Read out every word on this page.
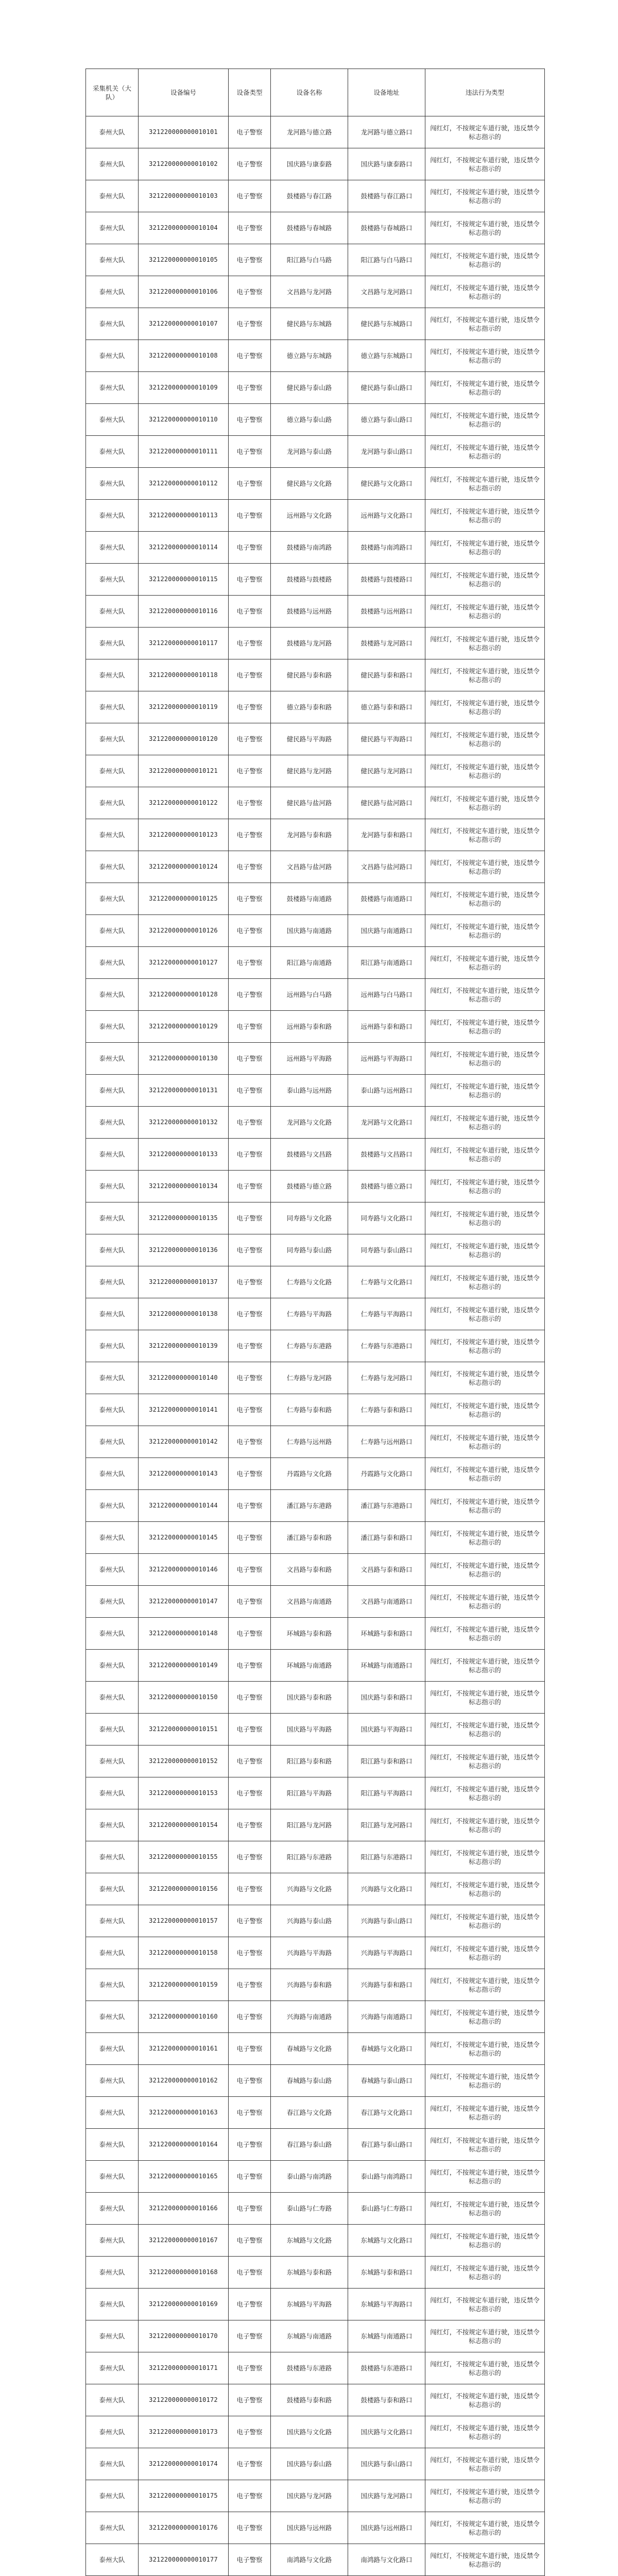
采集机关（大队）	设备编号	设备类型	设备名称	设备地址	违法行为类型
泰州大队	321220000000010101	电子警察	龙河路与德立路	龙河路与德立路口	闯红灯，不按规定车道行驶，违反禁令标志指示的
泰州大队	321220000000010102	电子警察	国庆路与康泰路	国庆路与康泰路口	闯红灯，不按规定车道行驶，违反禁令标志指示的
泰州大队	321220000000010103	电子警察	鼓楼路与春江路	鼓楼路与春江路口	闯红灯，不按规定车道行驶，违反禁令标志指示的
泰州大队	321220000000010104	电子警察	鼓楼路与春城路	鼓楼路与春城路口	闯红灯，不按规定车道行驶，违反禁令标志指示的
泰州大队	321220000000010105	电子警察	阳江路与白马路	阳江路与白马路口	闯红灯，不按规定车道行驶，违反禁令标志指示的
泰州大队	321220000000010106	电子警察	文昌路与龙河路	文昌路与龙河路口	闯红灯，不按规定车道行驶，违反禁令标志指示的
泰州大队	321220000000010107	电子警察	健民路与东城路	健民路与东城路口	闯红灯，不按规定车道行驶，违反禁令标志指示的
泰州大队	321220000000010108	电子警察	德立路与东城路	德立路与东城路口	闯红灯，不按规定车道行驶，违反禁令标志指示的
泰州大队	321220000000010109	电子警察	健民路与泰山路	健民路与泰山路口	闯红灯，不按规定车道行驶，违反禁令标志指示的
泰州大队	321220000000010110	电子警察	德立路与泰山路	德立路与泰山路口	闯红灯，不按规定车道行驶，违反禁令标志指示的
泰州大队	321220000000010111	电子警察	龙河路与泰山路	龙河路与泰山路口	闯红灯，不按规定车道行驶，违反禁令标志指示的
泰州大队	321220000000010112	电子警察	健民路与文化路	健民路与文化路口	闯红灯，不按规定车道行驶，违反禁令标志指示的
泰州大队	321220000000010113	电子警察	远州路与文化路	远州路与文化路口	闯红灯，不按规定车道行驶，违反禁令标志指示的
泰州大队	321220000000010114	电子警察	鼓楼路与南鸿路	鼓楼路与南鸿路口	闯红灯，不按规定车道行驶，违反禁令标志指示的
泰州大队	321220000000010115	电子警察	鼓楼路与鼓楼路	鼓楼路与鼓楼路口	闯红灯，不按规定车道行驶，违反禁令标志指示的
泰州大队	321220000000010116	电子警察	鼓楼路与远州路	鼓楼路与远州路口	闯红灯，不按规定车道行驶，违反禁令标志指示的
泰州大队	321220000000010117	电子警察	鼓楼路与龙河路	鼓楼路与龙河路口	闯红灯，不按规定车道行驶，违反禁令标志指示的
泰州大队	321220000000010118	电子警察	健民路与泰和路	健民路与泰和路口	闯红灯，不按规定车道行驶，违反禁令标志指示的
泰州大队	321220000000010119	电子警察	德立路与泰和路	德立路与泰和路口	闯红灯，不按规定车道行驶，违反禁令标志指示的
泰州大队	321220000000010120	电子警察	健民路与平海路	健民路与平海路口	闯红灯，不按规定车道行驶，违反禁令标志指示的
泰州大队	321220000000010121	电子警察	健民路与龙河路	健民路与龙河路口	闯红灯，不按规定车道行驶，违反禁令标志指示的
泰州大队	321220000000010122	电子警察	健民路与盐河路	健民路与盐河路口	闯红灯，不按规定车道行驶，违反禁令标志指示的
泰州大队	321220000000010123	电子警察	龙河路与泰和路	龙河路与泰和路口	闯红灯，不按规定车道行驶，违反禁令标志指示的
泰州大队	321220000000010124	电子警察	文昌路与盐河路	文昌路与盐河路口	闯红灯，不按规定车道行驶，违反禁令标志指示的
泰州大队	321220000000010125	电子警察	鼓楼路与南通路	鼓楼路与南通路口	闯红灯，不按规定车道行驶，违反禁令标志指示的
泰州大队	321220000000010126	电子警察	国庆路与南通路	国庆路与南通路口	闯红灯，不按规定车道行驶，违反禁令标志指示的
泰州大队	321220000000010127	电子警察	阳江路与南通路	阳江路与南通路口	闯红灯，不按规定车道行驶，违反禁令标志指示的
泰州大队	321220000000010128	电子警察	远州路与白马路	远州路与白马路口	闯红灯，不按规定车道行驶，违反禁令标志指示的
泰州大队	321220000000010129	电子警察	远州路与泰和路	远州路与泰和路口	闯红灯，不按规定车道行驶，违反禁令标志指示的
泰州大队	321220000000010130	电子警察	远州路与平海路	远州路与平海路口	闯红灯，不按规定车道行驶，违反禁令标志指示的
泰州大队	321220000000010131	电子警察	泰山路与远州路	泰山路与远州路口	闯红灯，不按规定车道行驶，违反禁令标志指示的
泰州大队	321220000000010132	电子警察	龙河路与文化路	龙河路与文化路口	闯红灯，不按规定车道行驶，违反禁令标志指示的
泰州大队	321220000000010133	电子警察	鼓楼路与文昌路	鼓楼路与文昌路口	闯红灯，不按规定车道行驶，违反禁令标志指示的
泰州大队	321220000000010134	电子警察	鼓楼路与德立路	鼓楼路与德立路口	闯红灯，不按规定车道行驶，违反禁令标志指示的
泰州大队	321220000000010135	电子警察	同寿路与文化路	同寿路与文化路口	闯红灯，不按规定车道行驶，违反禁令标志指示的
泰州大队	321220000000010136	电子警察	同寿路与泰山路	同寿路与泰山路口	闯红灯，不按规定车道行驶，违反禁令标志指示的
泰州大队	321220000000010137	电子警察	仁寿路与文化路	仁寿路与文化路口	闯红灯，不按规定车道行驶，违反禁令标志指示的
泰州大队	321220000000010138	电子警察	仁寿路与平海路	仁寿路与平海路口	闯红灯，不按规定车道行驶，违反禁令标志指示的
泰州大队	321220000000010139	电子警察	仁寿路与东港路	仁寿路与东港路口	闯红灯，不按规定车道行驶，违反禁令标志指示的
泰州大队	321220000000010140	电子警察	仁寿路与龙河路	仁寿路与龙河路口	闯红灯，不按规定车道行驶，违反禁令标志指示的
泰州大队	321220000000010141	电子警察	仁寿路与泰和路	仁寿路与泰和路口	闯红灯，不按规定车道行驶，违反禁令标志指示的
泰州大队	321220000000010142	电子警察	仁寿路与远州路	仁寿路与远州路口	闯红灯，不按规定车道行驶，违反禁令标志指示的
泰州大队	321220000000010143	电子警察	丹霞路与文化路	丹霞路与文化路口	闯红灯，不按规定车道行驶，违反禁令标志指示的
泰州大队	321220000000010144	电子警察	潘江路与东港路	潘江路与东港路口	闯红灯，不按规定车道行驶，违反禁令标志指示的
泰州大队	321220000000010145	电子警察	潘江路与泰和路	潘江路与泰和路口	闯红灯，不按规定车道行驶，违反禁令标志指示的
泰州大队	321220000000010146	电子警察	文昌路与泰和路	文昌路与泰和路口	闯红灯，不按规定车道行驶，违反禁令标志指示的
泰州大队	321220000000010147	电子警察	文昌路与南通路	文昌路与南通路口	闯红灯，不按规定车道行驶，违反禁令标志指示的
泰州大队	321220000000010148	电子警察	环城路与泰和路	环城路与泰和路口	闯红灯，不按规定车道行驶，违反禁令标志指示的
泰州大队	321220000000010149	电子警察	环城路与南通路	环城路与南通路口	闯红灯，不按规定车道行驶，违反禁令标志指示的
泰州大队	321220000000010150	电子警察	国庆路与泰和路	国庆路与泰和路口	闯红灯，不按规定车道行驶，违反禁令标志指示的
泰州大队	321220000000010151	电子警察	国庆路与平海路	国庆路与平海路口	闯红灯，不按规定车道行驶，违反禁令标志指示的
泰州大队	321220000000010152	电子警察	阳江路与泰和路	阳江路与泰和路口	闯红灯，不按规定车道行驶，违反禁令标志指示的
泰州大队	321220000000010153	电子警察	阳江路与平海路	阳江路与平海路口	闯红灯，不按规定车道行驶，违反禁令标志指示的
泰州大队	321220000000010154	电子警察	阳江路与龙河路	阳江路与龙河路口	闯红灯，不按规定车道行驶，违反禁令标志指示的
泰州大队	321220000000010155	电子警察	阳江路与东港路	阳江路与东港路口	闯红灯，不按规定车道行驶，违反禁令标志指示的
泰州大队	321220000000010156	电子警察	兴海路与文化路	兴海路与文化路口	闯红灯，不按规定车道行驶，违反禁令标志指示的
泰州大队	321220000000010157	电子警察	兴海路与泰山路	兴海路与泰山路口	闯红灯，不按规定车道行驶，违反禁令标志指示的
泰州大队	321220000000010158	电子警察	兴海路与平海路	兴海路与平海路口	闯红灯，不按规定车道行驶，违反禁令标志指示的
泰州大队	321220000000010159	电子警察	兴海路与泰和路	兴海路与泰和路口	闯红灯，不按规定车道行驶，违反禁令标志指示的
泰州大队	321220000000010160	电子警察	兴海路与南通路	兴海路与南通路口	闯红灯，不按规定车道行驶，违反禁令标志指示的
泰州大队	321220000000010161	电子警察	春城路与文化路	春城路与文化路口	闯红灯，不按规定车道行驶，违反禁令标志指示的
泰州大队	321220000000010162	电子警察	春城路与泰山路	春城路与泰山路口	闯红灯，不按规定车道行驶，违反禁令标志指示的
泰州大队	321220000000010163	电子警察	春江路与文化路	春江路与文化路口	闯红灯，不按规定车道行驶，违反禁令标志指示的
泰州大队	321220000000010164	电子警察	春江路与泰山路	春江路与泰山路口	闯红灯，不按规定车道行驶，违反禁令标志指示的
泰州大队	321220000000010165	电子警察	泰山路与南鸿路	泰山路与南鸿路口	闯红灯，不按规定车道行驶，违反禁令标志指示的
泰州大队	321220000000010166	电子警察	泰山路与仁寿路	泰山路与仁寿路口	闯红灯，不按规定车道行驶，违反禁令标志指示的
泰州大队	321220000000010167	电子警察	东城路与文化路	东城路与文化路口	闯红灯，不按规定车道行驶，违反禁令标志指示的
泰州大队	321220000000010168	电子警察	东城路与泰和路	东城路与泰和路口	闯红灯，不按规定车道行驶，违反禁令标志指示的
泰州大队	321220000000010169	电子警察	东城路与平海路	东城路与平海路口	闯红灯，不按规定车道行驶，违反禁令标志指示的
泰州大队	321220000000010170	电子警察	东城路与南通路	东城路与南通路口	闯红灯，不按规定车道行驶，违反禁令标志指示的
泰州大队	321220000000010171	电子警察	鼓楼路与东港路	鼓楼路与东港路口	闯红灯，不按规定车道行驶，违反禁令标志指示的
泰州大队	321220000000010172	电子警察	鼓楼路与泰和路	鼓楼路与泰和路口	闯红灯，不按规定车道行驶，违反禁令标志指示的
泰州大队	321220000000010173	电子警察	国庆路与文化路	国庆路与文化路口	闯红灯，不按规定车道行驶，违反禁令标志指示的
泰州大队	321220000000010174	电子警察	国庆路与泰山路	国庆路与泰山路口	闯红灯，不按规定车道行驶，违反禁令标志指示的
泰州大队	321220000000010175	电子警察	国庆路与龙河路	国庆路与龙河路口	闯红灯，不按规定车道行驶，违反禁令标志指示的
泰州大队	321220000000010176	电子警察	国庆路与远州路	国庆路与远州路口	闯红灯，不按规定车道行驶，违反禁令标志指示的
泰州大队	321220000000010177	电子警察	南鸿路与文化路	南鸿路与文化路口	闯红灯，不按规定车道行驶，违反禁令标志指示的
